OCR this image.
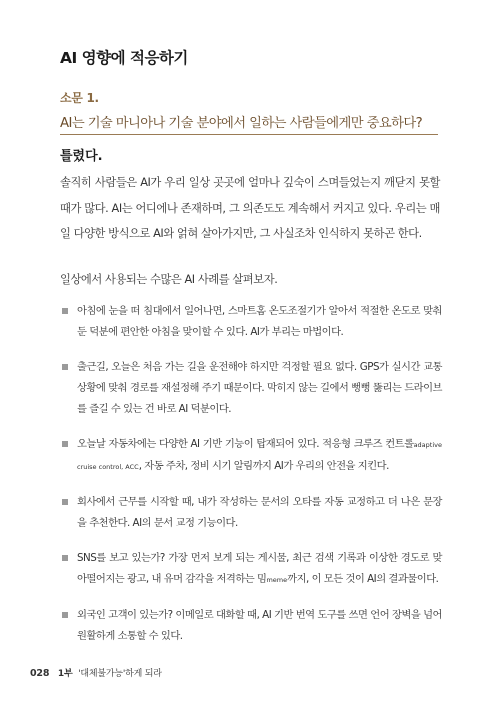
AI 영향에 적응하기
소문 1.
AI는 기술 마니아나 기술 분야에서 일하는 사람들에게만 중요하다?
틀렸다.

솔직히 사람들은 AI가 우리 일상 곳곳에 얼마나 깊숙이 스며들었는지 깨닫지 못할 때가 많다. AI는 어디에나 존재하며, 그 의존도도 계속해서 커지고 있다. 우리는 매일 다양한 방식으로 AI와 얽혀 살아가지만, 그 사실조차 인식하지 못하곤 한다.

일상에서 사용되는 수많은 AI 사례를 살펴보자.
아침에 눈을 떠 침대에서 일어나면, 스마트홈 온도조절기가 알아서 적절한 온도로 맞춰둔 덕분에 편안한 아침을 맞이할 수 있다. AI가 부리는 마법이다.
출근길, 오늘은 처음 가는 길을 운전해야 하지만 걱정할 필요 없다. GPS가 실시간 교통상황에 맞춰 경로를 재설정해 주기 때문이다. 막히지 않는 길에서 뻥뻥 뚫리는 드라이브를 즐길 수 있는 건 바로 AI 덕분이다.
오늘날 자동차에는 다양한 AI 기반 기능이 탑재되어 있다. 적응형 크루즈 컨트롤adaptive cruise control, ACC, 자동 주차, 정비 시기 알림까지 AI가 우리의 안전을 지킨다.
회사에서 근무를 시작할 때, 내가 작성하는 문서의 오타를 자동 교정하고 더 나은 문장을 추천한다. AI의 문서 교정 기능이다.
SNS를 보고 있는가? 가장 먼저 보게 되는 게시물, 최근 검색 기록과 이상한 경도로 맞아떨어지는 광고, 내 유머 감각을 저격하는 밈meme까지, 이 모든 것이 AI의 결과물이다.
외국인 고객이 있는가? 이메일로 대화할 때, AI 기반 번역 도구를 쓰면 언어 장벽을 넘어 원활하게 소통할 수 있다.
028 1부 '대체불가능'하게 되라
